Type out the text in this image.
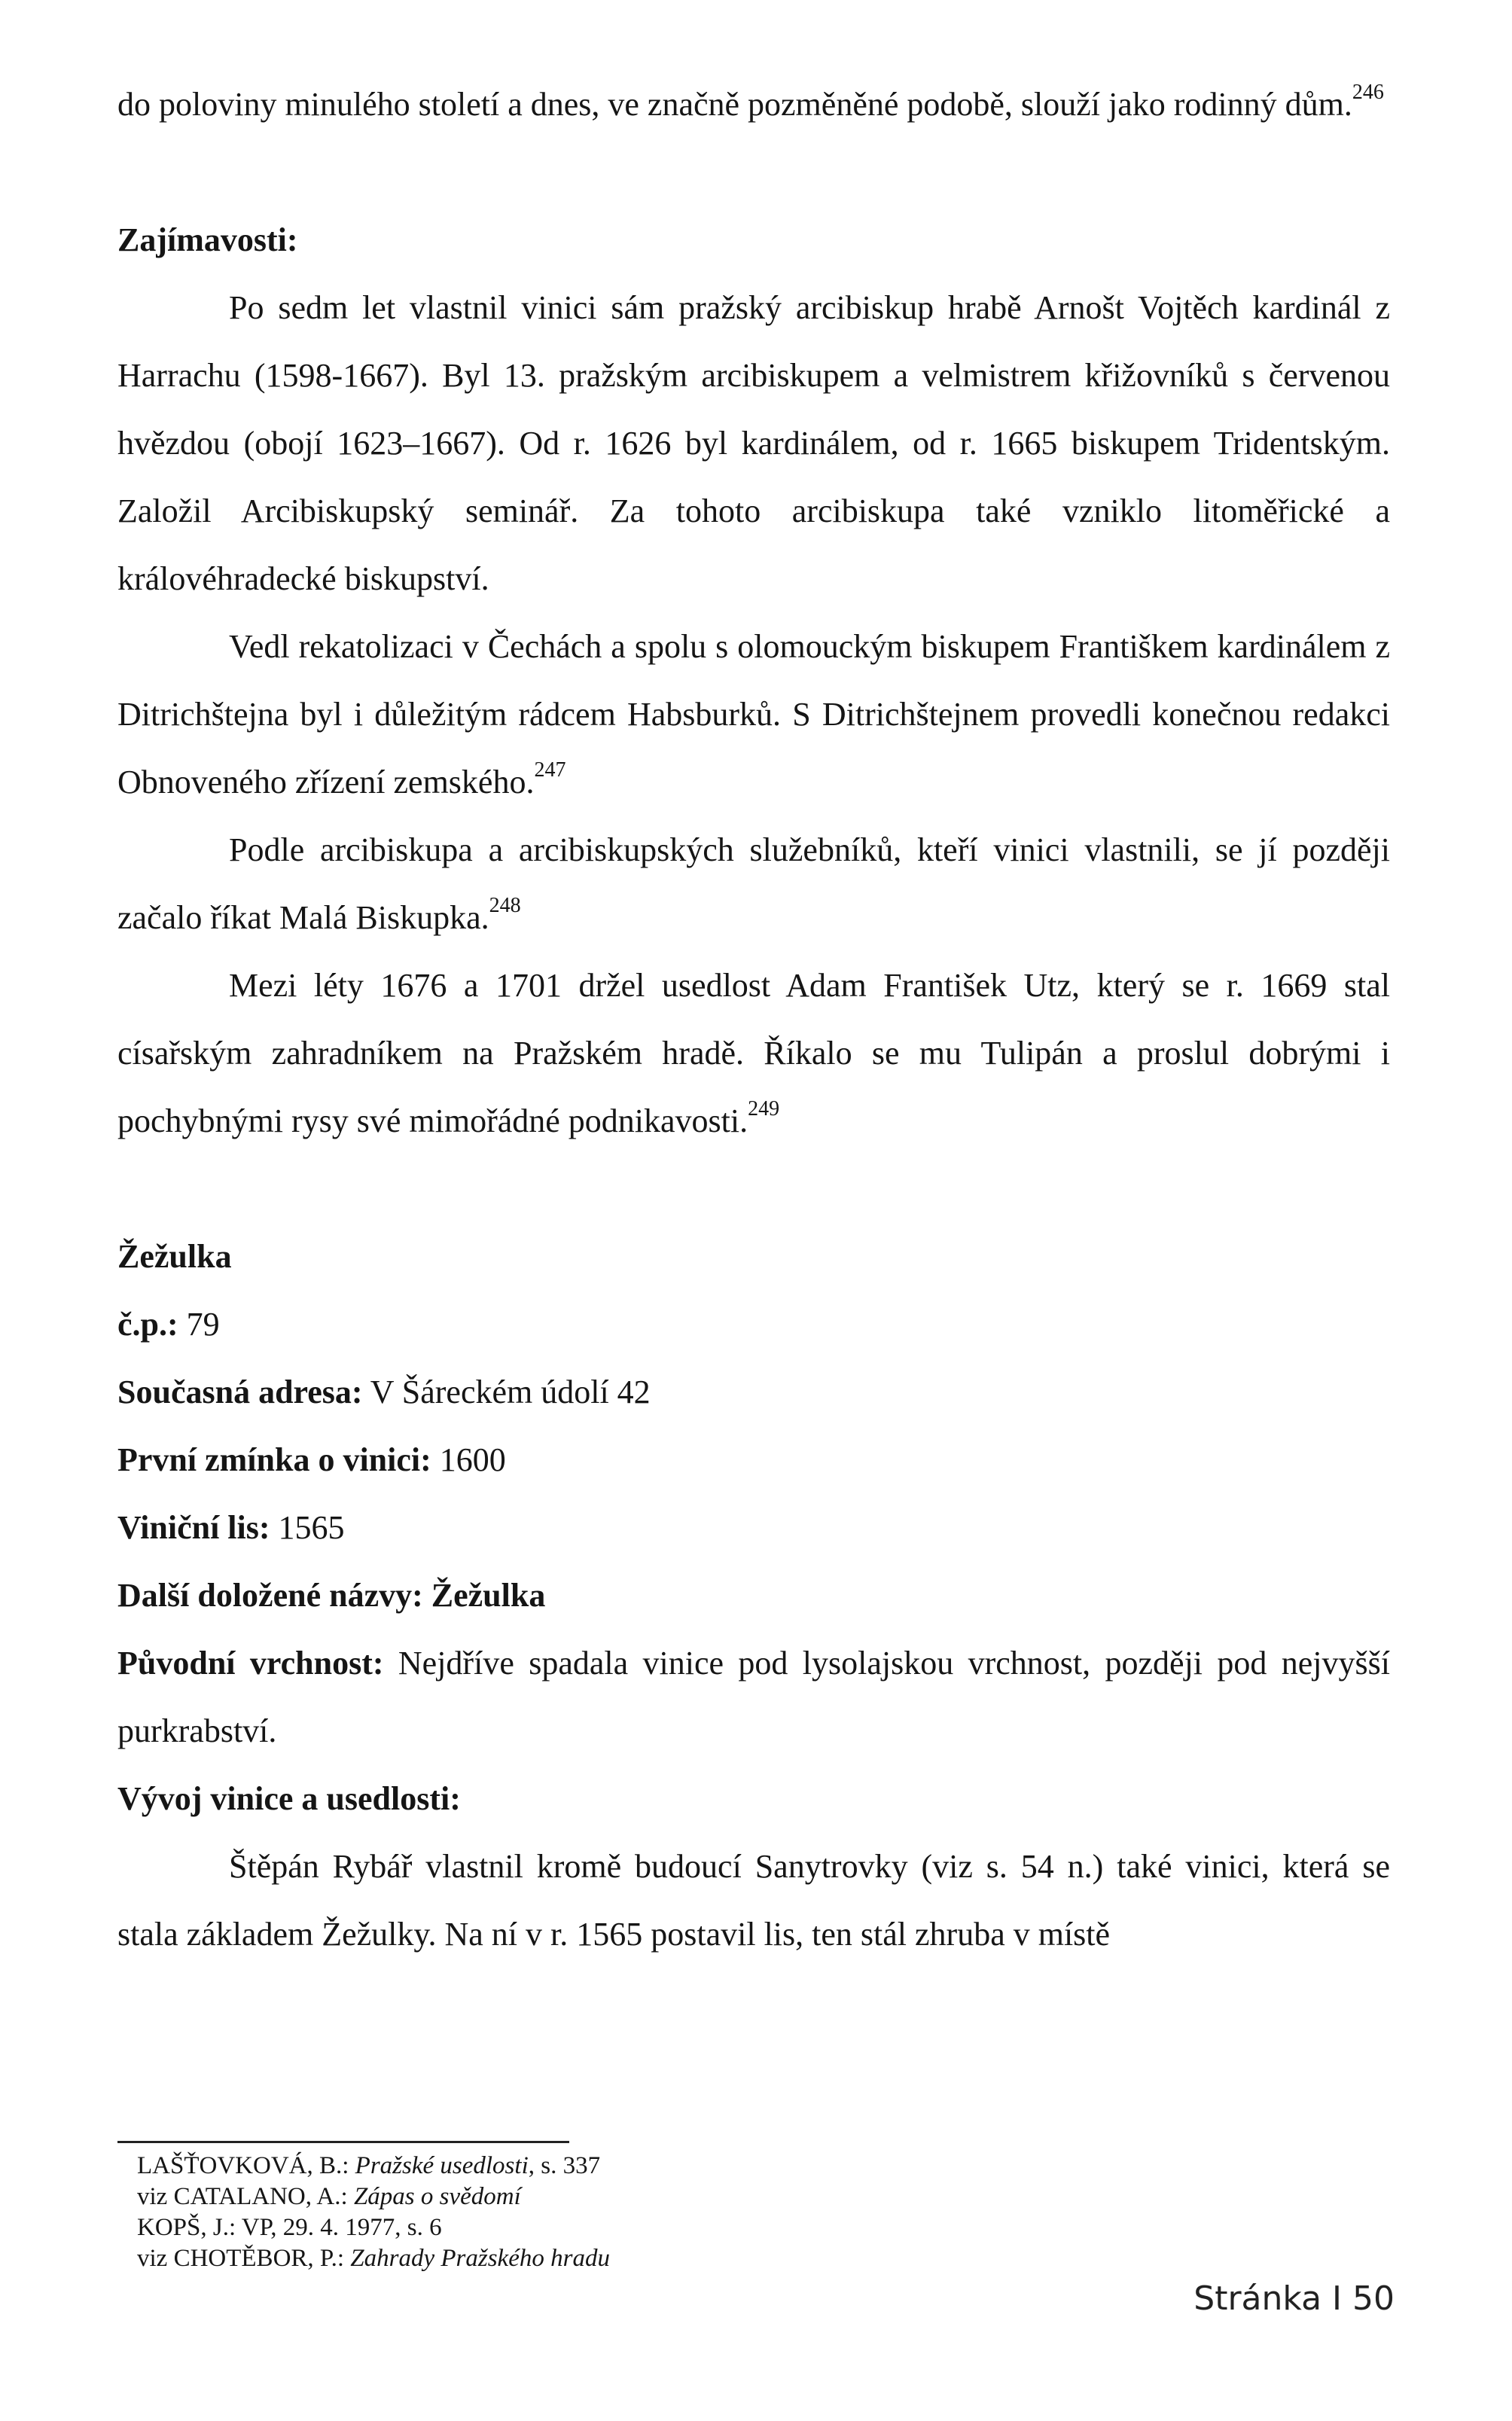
do poloviny minulého století a dnes, ve značně pozměněné podobě, slouží jako rodinný dům.$^{246}$

Zajímavosti:

Po sedm let vlastnil vinici sám pražský arcibiskup hrabě Arnošt Vojtěch kardinál z Harrachu (1598-1667). Byl 13. pražským arcibiskupem a velmistrem křižovníků s červenou hvězdou (obojí 1623–1667). Od r. 1626 byl kardinálem, od r. 1665 biskupem Tridentským. Založil Arcibiskupský seminář. Za tohoto arcibiskupa také vzniklo litoměřické a královéhradecké biskupství.

Vedl rekatolizaci v Čechách a spolu s olomouckým biskupem Františkem kardinálem z Ditrichštejna byl i důležitým rádcem Habsburků. S Ditrichštejnem provedli konečnou redakci Obnoveného zřízení zemského.$^{247}$

Podle arcibiskupa a arcibiskupských služebníků, kteří vinici vlastnili, se jí později začalo říkat Malá Biskupka.$^{248}$

Mezi léty 1676 a 1701 držel usedlost Adam František Utz, který se r. 1669 stal císařským zahradníkem na Pražském hradě. Říkalo se mu Tulipán a proslul dobrými i pochybnými rysy své mimořádné podnikavosti.$^{249}$

Žežulka

č.p.: 79

Současná adresa: V Šáreckém údolí 42

První zmínka o vinici: 1600

Viniční lis: 1565

Další doložené názvy: Žežulka

Původní vrchnost: Nejdříve spadala vinice pod lysolajskou vrchnost, později pod nejvyšší purkrabství.

Vývoj vinice a usedlosti:

Štěpán Rybář vlastnil kromě budoucí Sanytrovky (viz s. 54 n.) také vinici, která se stala základem Žežulky. Na ní v r. 1565 postavil lis, ten stál zhruba v místě

LAŠŤOVKOVÁ, B.: Pražské usedlosti, s. 337
viz CATALANO, A.: Zápas o svědomí
KOPŠ, J.: VP, 29. 4. 1977, s. 6
viz CHOTĚBOR, P.: Zahrady Pražského hradu
Stránka I 50
